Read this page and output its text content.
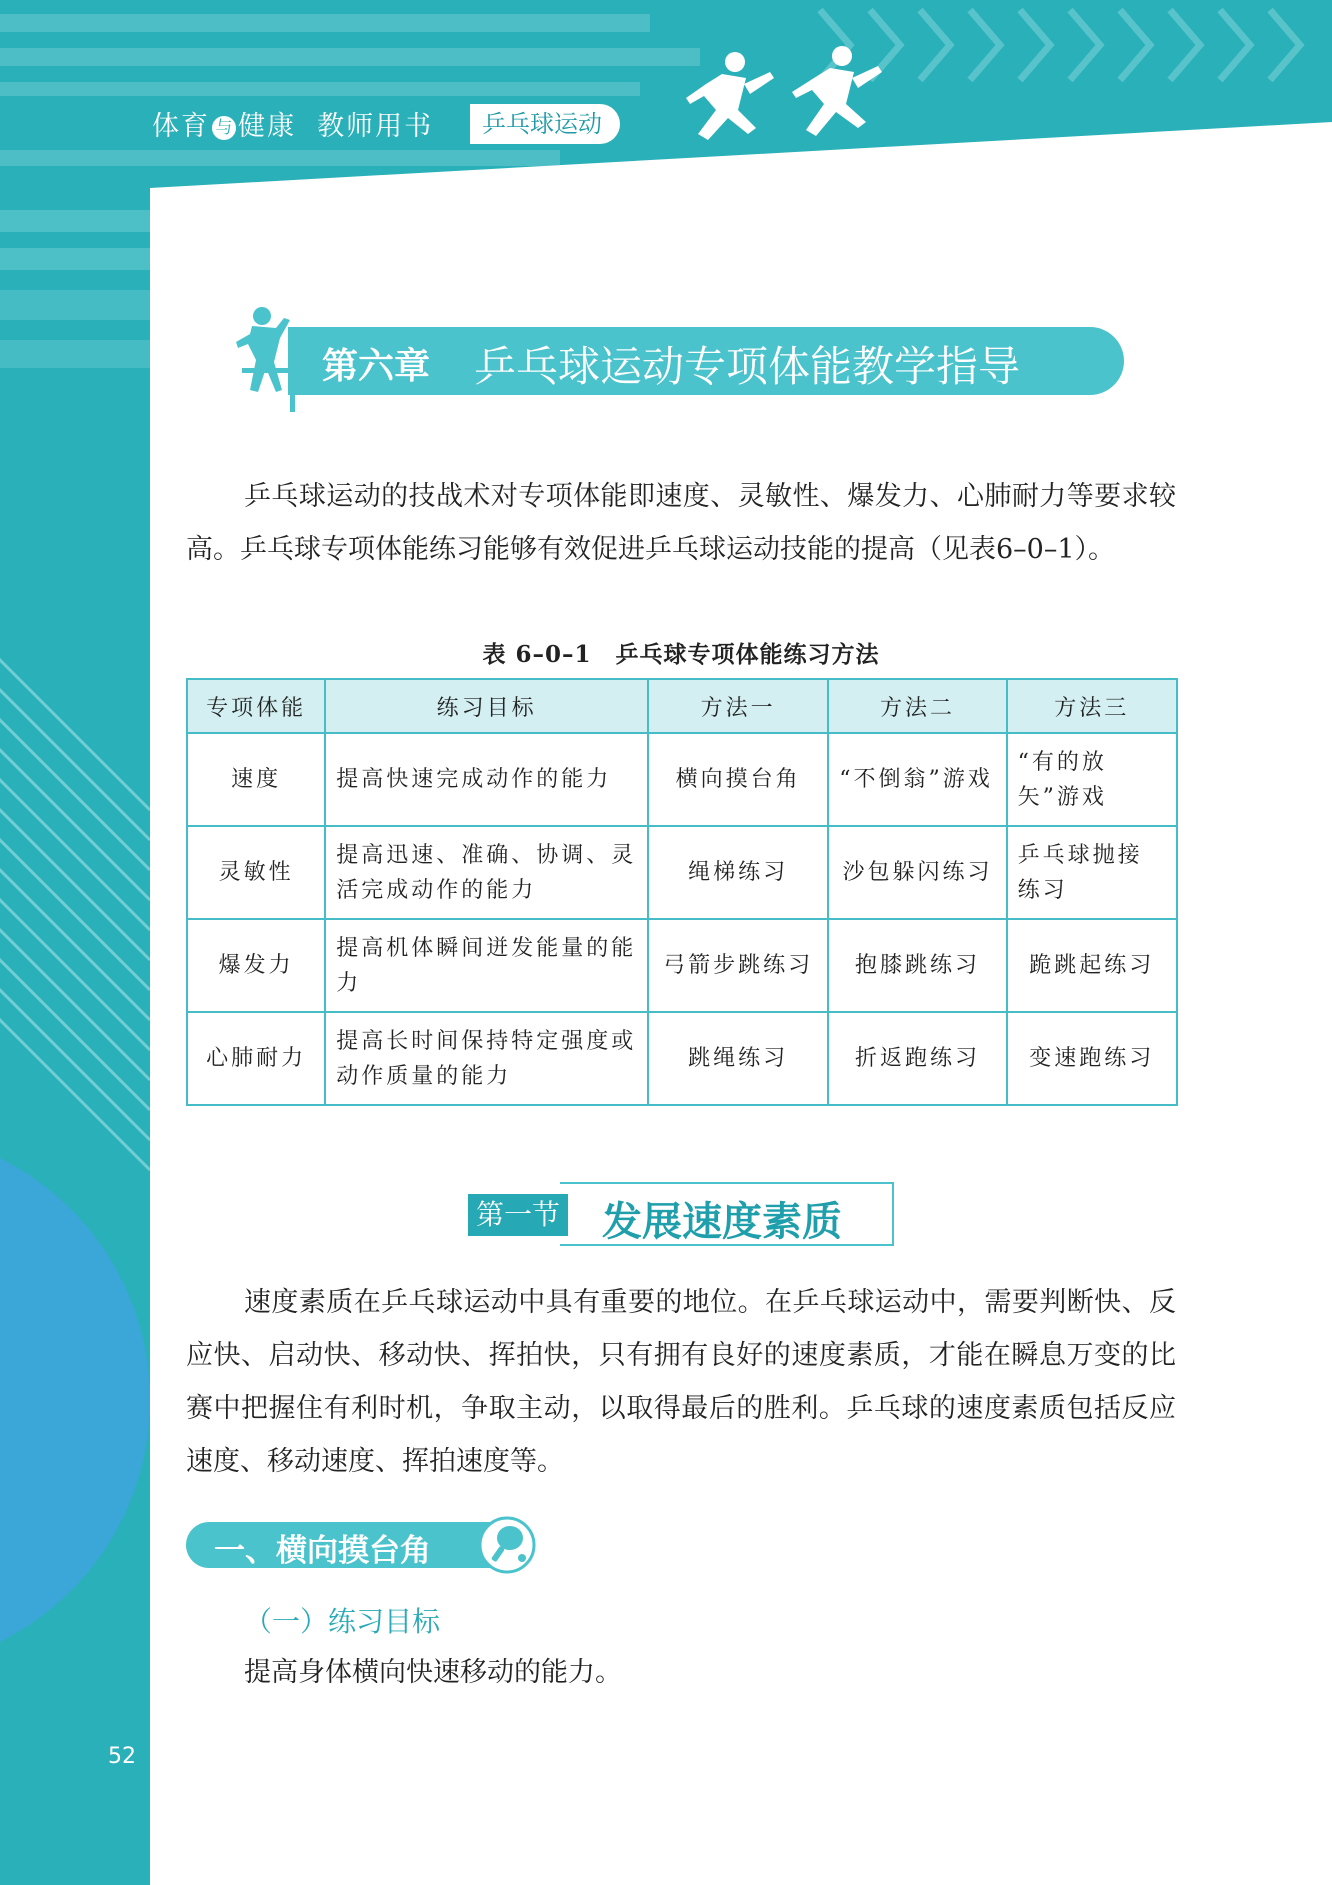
体育 与 健康 教师用书	乒乓球运动
第六章 乒乓球运动专项体能教学指导
乒乓球运动的技战术对专项体能即速度、灵敏性、爆发力、心肺耐力等要求较高。乒乓球专项体能练习能够有效促进乒乓球运动技能的提高（见表6–0–1）。
表 6–0–1　乒乓球专项体能练习方法
专项体能	练习目标	方法一	方法二	方法三
速度	提高快速完成动作的能力	横向摸台角	“不倒翁”游戏	“有的放矢”游戏
灵敏性	提高迅速、准确、协调、灵活完成动作的能力	绳梯练习	沙包躲闪练习	乒乓球抛接练习
爆发力	提高机体瞬间迸发能量的能力	弓箭步跳练习	抱膝跳练习	跪跳起练习
心肺耐力	提高长时间保持特定强度或动作质量的能力	跳绳练习	折返跑练习	变速跑练习
第一节 发展速度素质
速度素质在乒乓球运动中具有重要的地位。在乒乓球运动中，需要判断快、反应快、启动快、移动快、挥拍快，只有拥有良好的速度素质，才能在瞬息万变的比赛中把握住有利时机，争取主动，以取得最后的胜利。乒乓球的速度素质包括反应速度、移动速度、挥拍速度等。
一、横向摸台角
（一）练习目标
提高身体横向快速移动的能力。
52
